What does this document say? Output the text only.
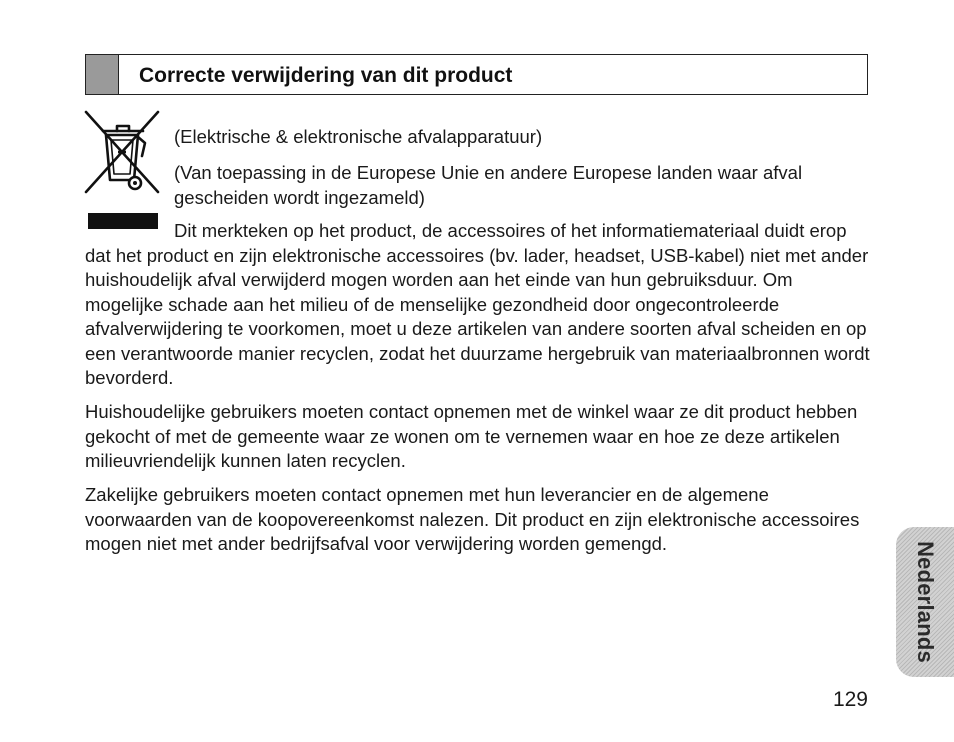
Correcte verwijdering van dit product

(Elektrische & elektronische afvalapparatuur)

(Van toepassing in de Europese Unie en andere Europese landen waar afval gescheiden wordt ingezameld)

Dit merkteken op het product, de accessoires of het informatiemateriaal duidt erop dat het product en zijn elektronische accessoires (bv. lader, headset, USB-kabel) niet met ander huishoudelijk afval verwijderd mogen worden aan het einde van hun gebruiksduur. Om mogelijke schade aan het milieu of de menselijke gezondheid door ongecontroleerde afvalverwijdering te voorkomen, moet u deze artikelen van andere soorten afval scheiden en op een verantwoorde manier recyclen, zodat het duurzame hergebruik van materiaalbronnen wordt bevorderd.

Huishoudelijke gebruikers moeten contact opnemen met de winkel waar ze dit product hebben gekocht of met de gemeente waar ze wonen om te vernemen waar en hoe ze deze artikelen milieuvriendelijk kunnen laten recyclen.

Zakelijke gebruikers moeten contact opnemen met hun leverancier en de algemene voorwaarden van de koopovereenkomst nalezen. Dit product en zijn elektronische accessoires mogen niet met ander bedrijfsafval voor verwijdering worden gemengd.	Nederlands
129
